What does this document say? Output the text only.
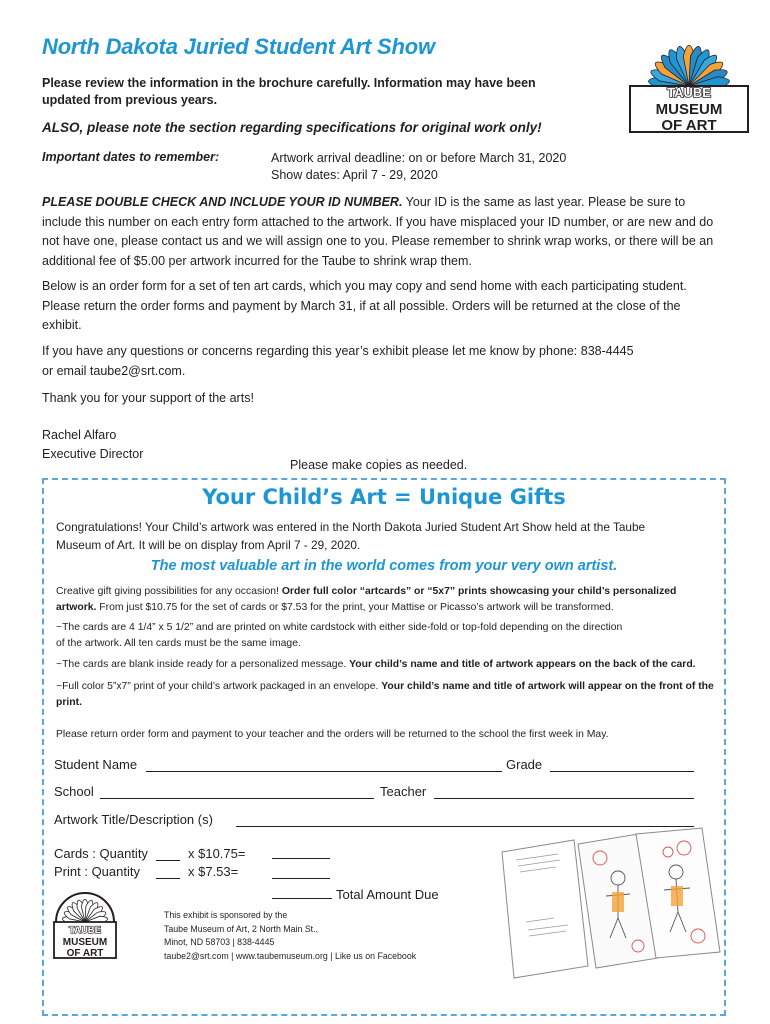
North Dakota Juried Student Art Show
Please review the information in the brochure carefully. Information may have been updated from previous years.
ALSO, please note the section regarding specifications for original work only!
Important dates to remember:	Artwork arrival deadline: on or before March 31, 2020
Show dates: April 7 - 29, 2020
TAUBE
MUSEUM
OF ART
PLEASE DOUBLE CHECK AND INCLUDE YOUR ID NUMBER. Your ID is the same as last year. Please be sure to include this number on each entry form attached to the artwork. If you have misplaced your ID number, or are new and do not have one, please contact us and we will assign one to you. Please remember to shrink wrap works, or there will be an additional fee of $5.00 per artwork incurred for the Taube to shrink wrap them.
Below is an order form for a set of ten art cards, which you may copy and send home with each participating student. Please return the order forms and payment by March 31, if at all possible. Orders will be returned at the close of the exhibit.
If you have any questions or concerns regarding this year’s exhibit please let me know by phone: 838-4445
or email taube2@srt.com.
Thank you for your support of the arts!
Rachel Alfaro
Executive Director
Please make copies as needed.
Your Child’s Art = Unique Gifts
Congratulations! Your Child’s artwork was entered in the North Dakota Juried Student Art Show held at the Taube
Museum of Art. It will be on display from April 7 - 29, 2020.
The most valuable art in the world comes from your very own artist.
Creative gift giving possibilities for any occasion! Order full color “artcards” or “5x7” prints showcasing your child’s personalized artwork. From just $10.75 for the set of cards or $7.53 for the print, your Mattise or Picasso’s artwork will be transformed.
~The cards are 4 1/4” x 5 1/2” and are printed on white cardstock with either side-fold or top-fold depending on the direction
of the artwork. All ten cards must be the same image.
~The cards are blank inside ready for a personalized message. Your child’s name and title of artwork appears on the back of the card.
~Full color 5”x7” print of your child’s artwork packaged in an envelope. Your child’s name and title of artwork will appear on the front of the print.
Please return order form and payment to your teacher and the orders will be returned to the school the first week in May.
Student Name	Grade
School	Teacher
Artwork Title/Description (s)
Cards : Quantity	x $10.75=
Print : Quantity	x $7.53=
Total Amount Due
TAUBE
MUSEUM
OF ART
This exhibit is sponsored by the
Taube Museum of Art, 2 North Main St.,
Minot, ND 58703 | 838-4445
taube2@srt.com | www.taubemuseum.org | Like us on Facebook
